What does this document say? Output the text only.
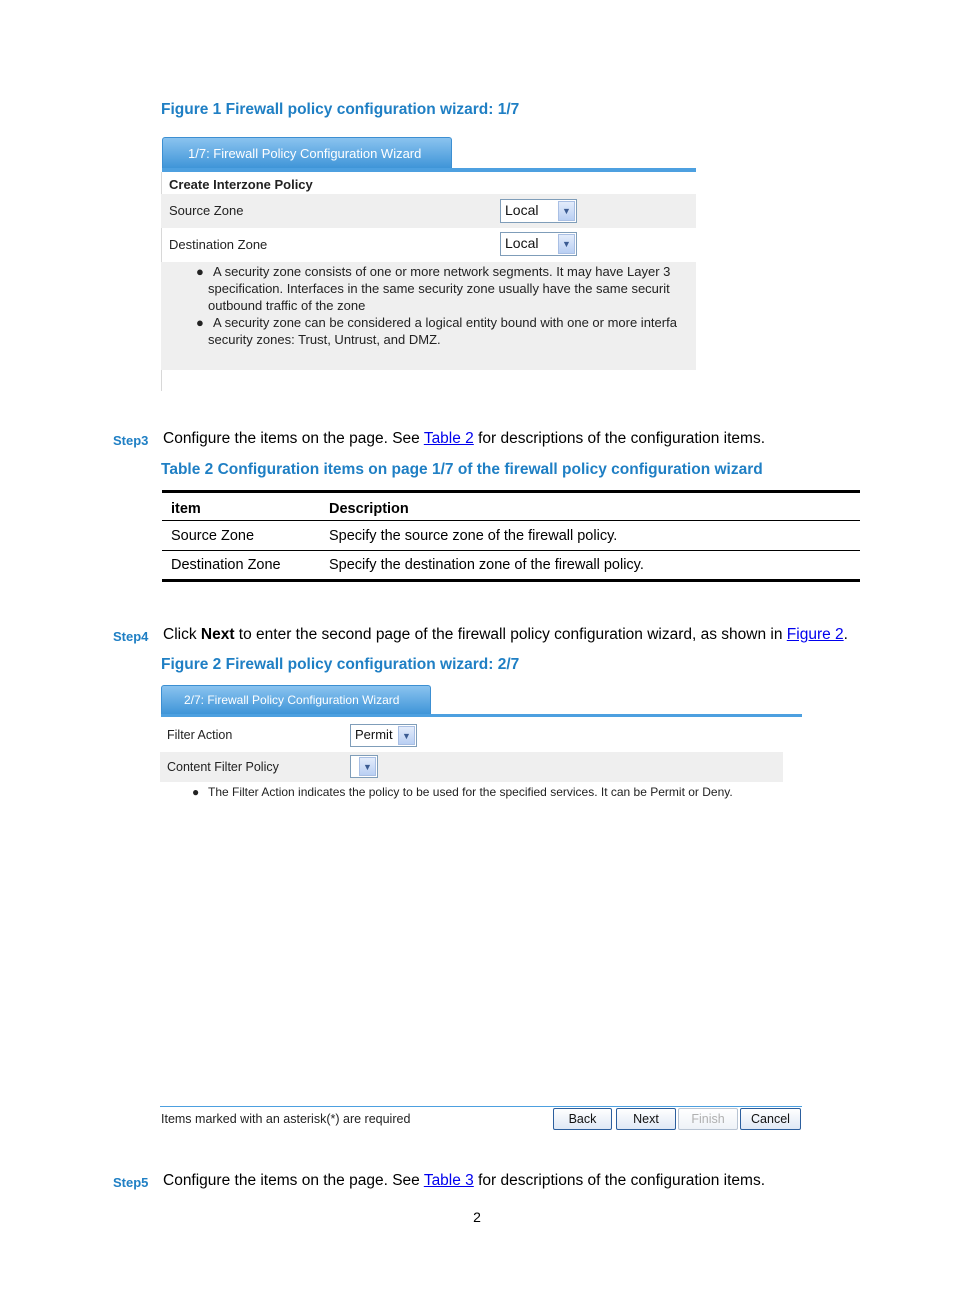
Figure 1 Firewall policy configuration wizard: 1/7
1/7: Firewall Policy Configuration Wizard
Create Interzone Policy
Source Zone	Local	▼
Destination Zone	Local	▼
● A security zone consists of one or more network segments. It may have Layer 3
specification. Interfaces in the same security zone usually have the same securit
outbound traffic of the zone
● A security zone can be considered a logical entity bound with one or more interfa
security zones: Trust, Untrust, and DMZ.
Step3 Configure the items on the page. See Table 2 for descriptions of the configuration items.
Table 2 Configuration items on page 1/7 of the firewall policy configuration wizard
item	Description
Source Zone	Specify the source zone of the firewall policy.
Destination Zone	Specify the destination zone of the firewall policy.
Step4 Click Next to enter the second page of the firewall policy configuration wizard, as shown in Figure 2.
Figure 2 Firewall policy configuration wizard: 2/7
2/7: Firewall Policy Configuration Wizard
Filter Action	Permit	▼
Content Filter Policy	▼
● The Filter Action indicates the policy to be used for the specified services. It can be Permit or Deny.
Items marked with an asterisk(*) are required	Back	Next	Finish	Cancel
Step5 Configure the items on the page. See Table 3 for descriptions of the configuration items.
2
